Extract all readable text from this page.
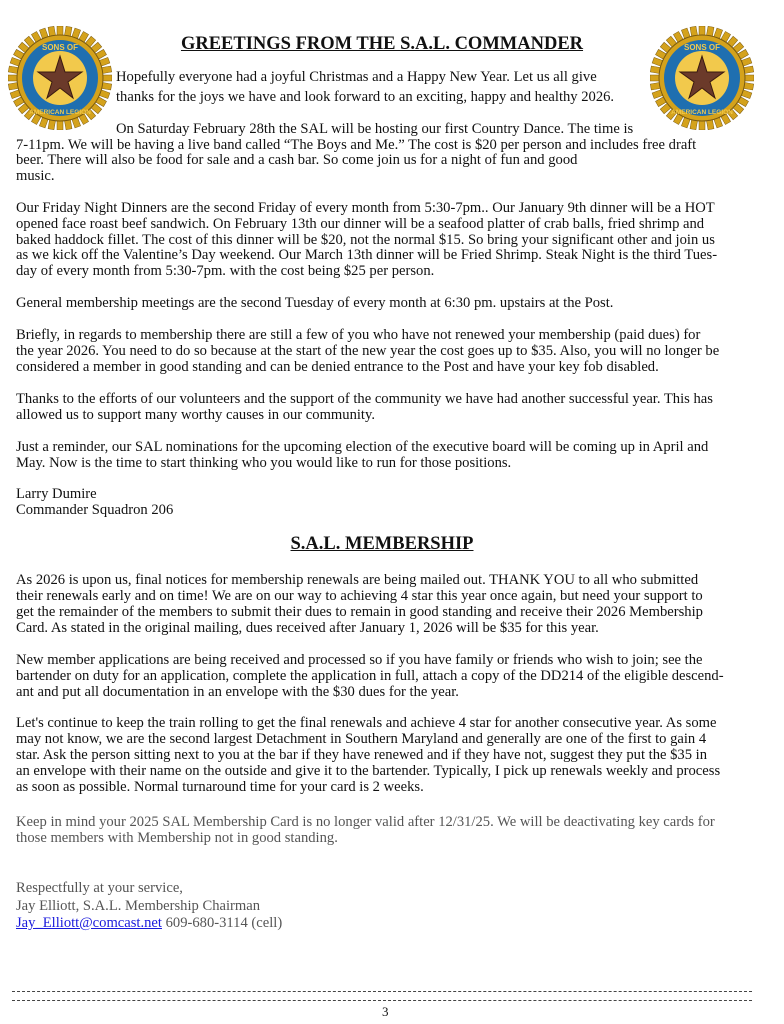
SONS OF
AMERICAN LEGION
SONS OF
AMERICAN LEGION
GREETINGS FROM THE S.A.L. COMMANDER
S.A.L. MEMBERSHIP
Hopefully everyone had a joyful Christmas and a Happy New Year. Let us all give
thanks for the joys we have and look forward to an exciting, happy and healthy 2026.
On Saturday February 28th the SAL will be hosting our first Country Dance. The time is
7-11pm. We will be having a live band called “The Boys and Me.” The cost is $20 per person and includes free draft
beer. There will also be food for sale and a cash bar. So come join us for a night of fun and good
music.
Our Friday Night Dinners are the second Friday of every month from 5:30-7pm.. Our January 9th dinner will be a HOT
opened face roast beef sandwich. On February 13th our dinner will be a seafood platter of crab balls, fried shrimp and
baked haddock fillet. The cost of this dinner will be $20, not the normal $15. So bring your significant other and join us
as we kick off the Valentine’s Day weekend. Our March 13th dinner will be Fried Shrimp. Steak Night is the third Tues-
day of every month from 5:30-7pm. with the cost being $25 per person.
General membership meetings are the second Tuesday of every month at 6:30 pm. upstairs at the Post.
Briefly, in regards to membership there are still a few of you who have not renewed your membership (paid dues) for
the year 2026. You need to do so because at the start of the new year the cost goes up to $35. Also, you will no longer be
considered a member in good standing and can be denied entrance to the Post and have your key fob disabled.
Thanks to the efforts of our volunteers and the support of the community we have had another successful year. This has
allowed us to support many worthy causes in our community.
Just a reminder, our SAL nominations for the upcoming election of the executive board will be coming up in April and
May. Now is the time to start thinking who you would like to run for those positions.
Larry Dumire
Commander Squadron 206
As 2026 is upon us, final notices for membership renewals are being mailed out. THANK YOU to all who submitted
their renewals early and on time! We are on our way to achieving 4 star this year once again, but need your support to
get the remainder of the members to submit their dues to remain in good standing and receive their 2026 Membership
Card. As stated in the original mailing, dues received after January 1, 2026 will be $35 for this year.
New member applications are being received and processed so if you have family or friends who wish to join; see the
bartender on duty for an application, complete the application in full, attach a copy of the DD214 of the eligible descend-
ant and put all documentation in an envelope with the $30 dues for the year.
Let's continue to keep the train rolling to get the final renewals and achieve 4 star for another consecutive year. As some
may not know, we are the second largest Detachment in Southern Maryland and generally are one of the first to gain 4
star. Ask the person sitting next to you at the bar if they have renewed and if they have not, suggest they put the $35 in
an envelope with their name on the outside and give it to the bartender. Typically, I pick up renewals weekly and process
as soon as possible. Normal turnaround time for your card is 2 weeks.
Keep in mind your 2025 SAL Membership Card is no longer valid after 12/31/25. We will be deactivating key cards for
those members with Membership not in good standing.
Respectfully at your service,
Jay Elliott, S.A.L. Membership Chairman
Jay_Elliott@comcast.net 609-680-3114 (cell)
3
